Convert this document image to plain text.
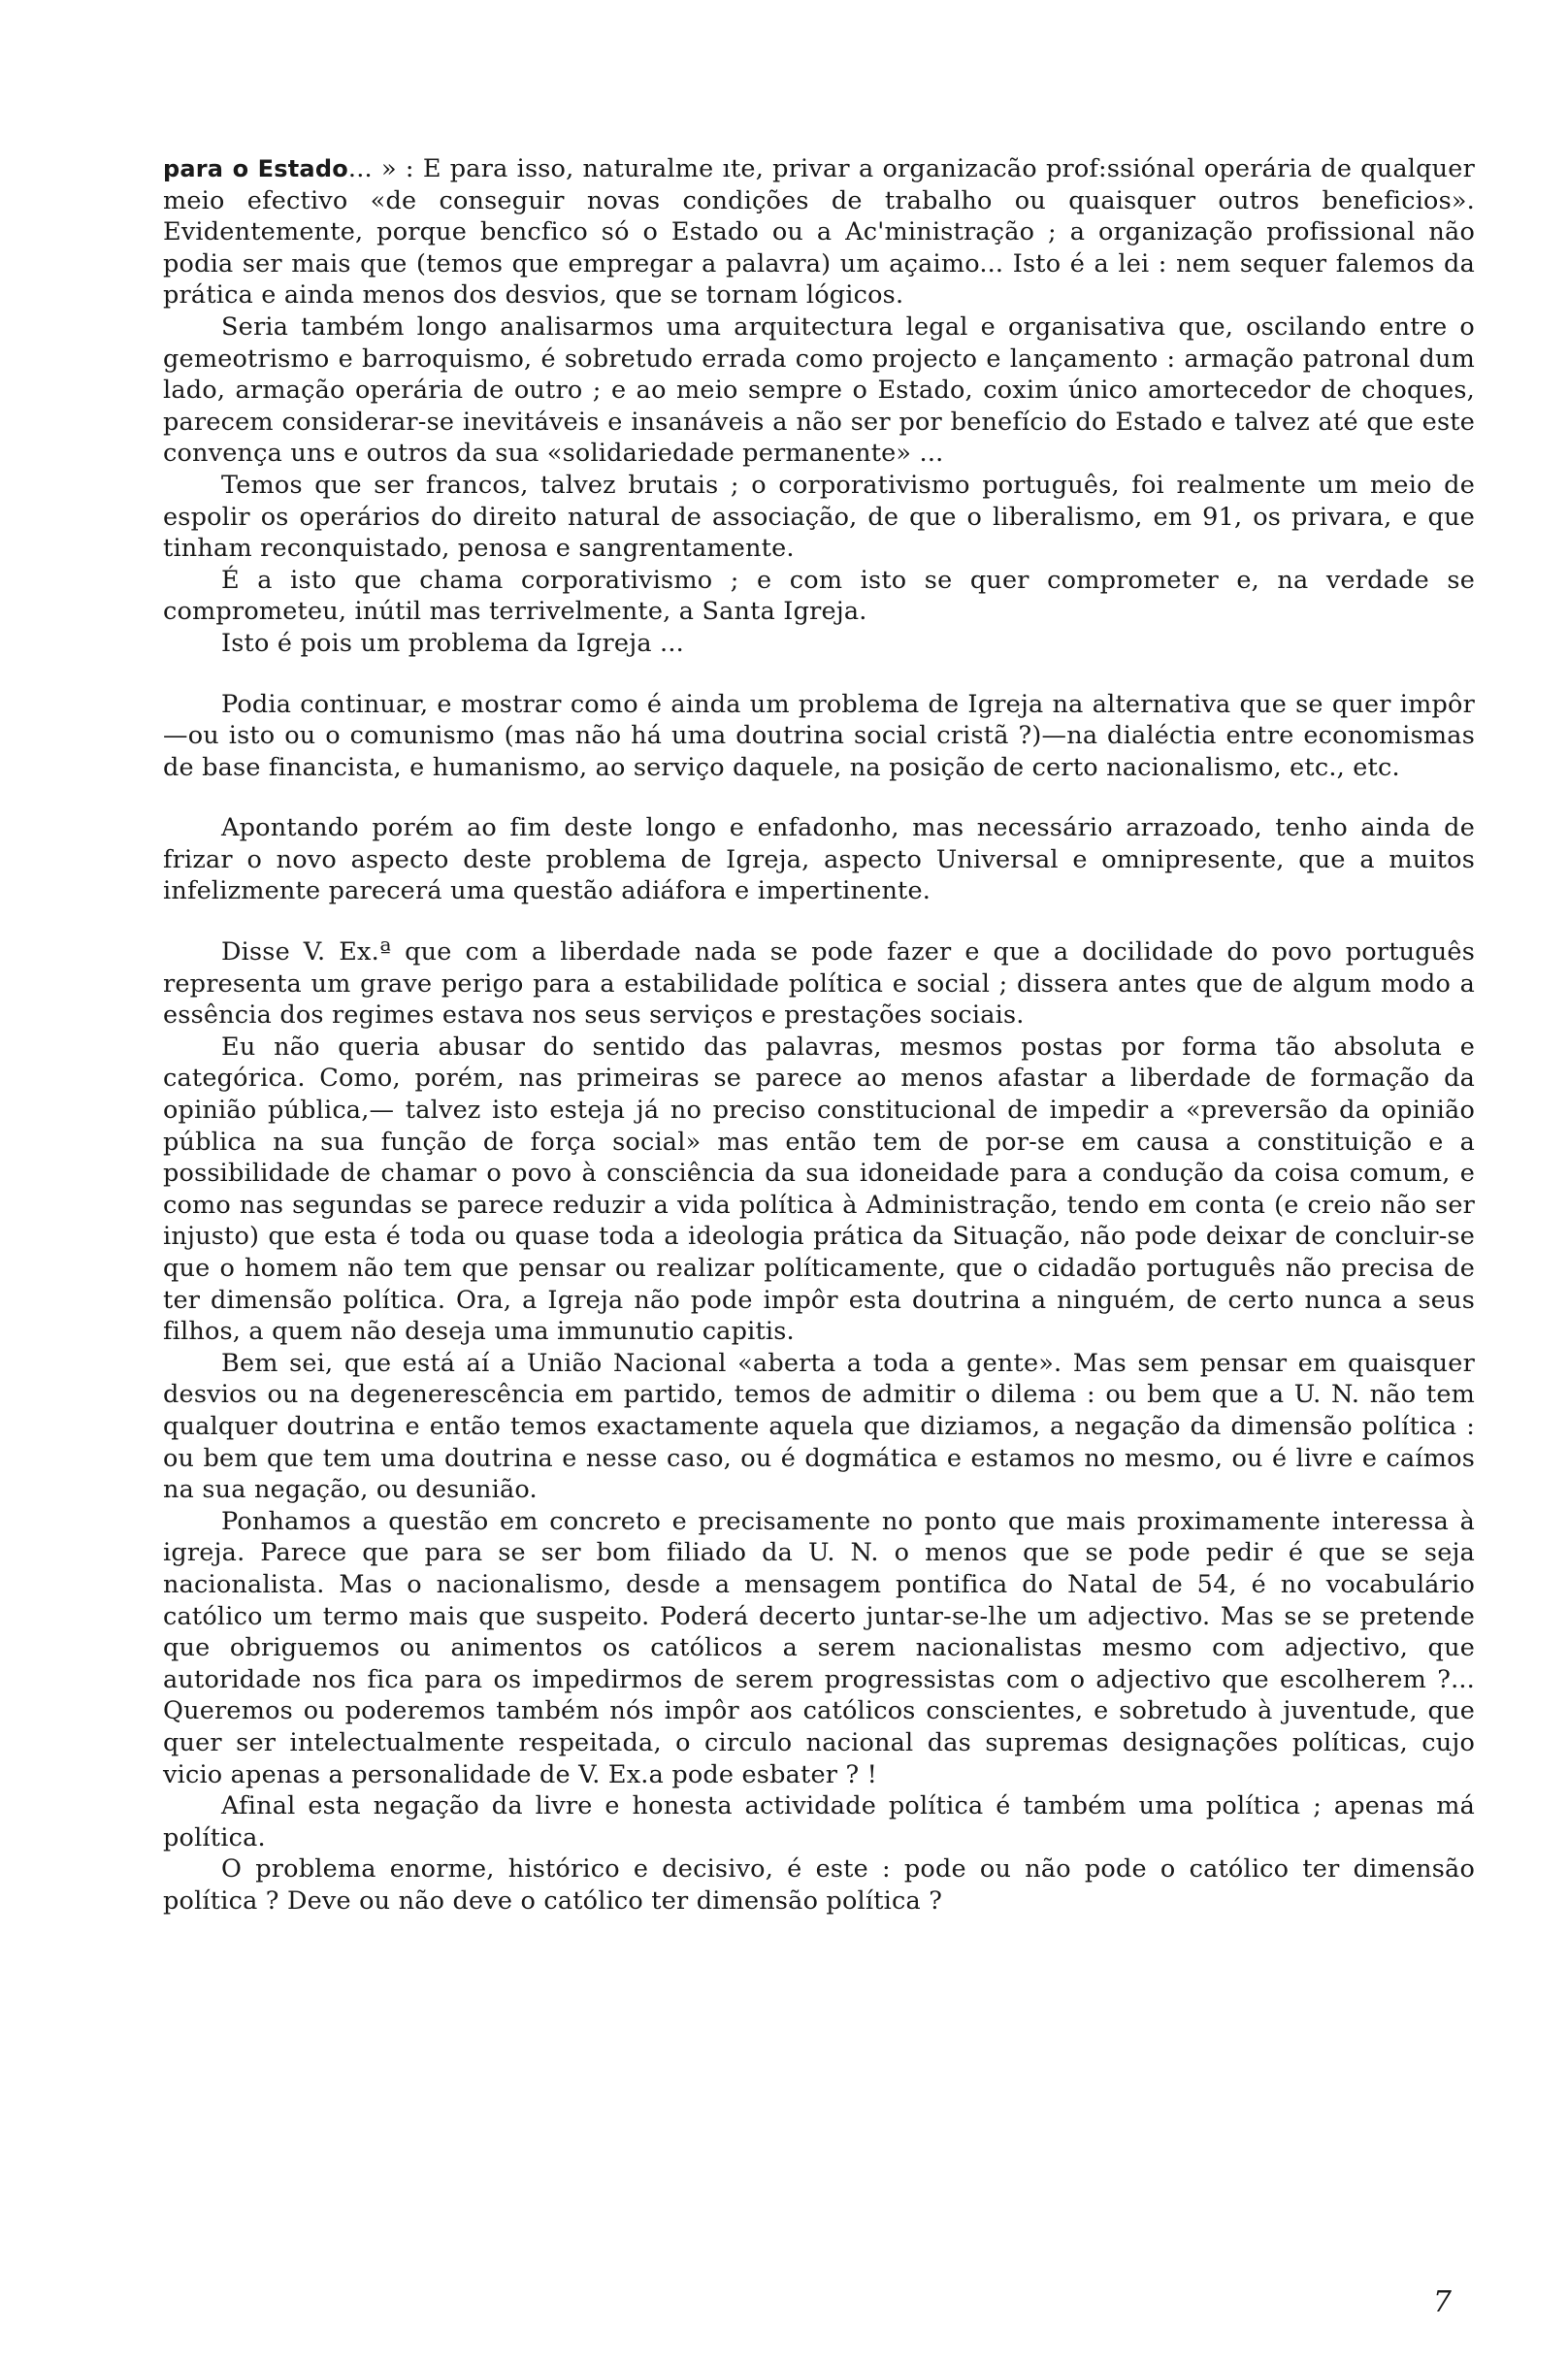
para o Estado... » : E para isso, naturalme ıte, privar a organizacão prof:ssiónal operária de qualquer meio efectivo «de conseguir novas condições de trabalho ou quaisquer outros beneficios». Evidentemente, porque bencfico só o Estado ou a Ac'ministração ; a organização profissional não podia ser mais que (temos que empregar a palavra) um açaimo... Isto é a lei : nem sequer falemos da prática e ainda menos dos desvios, que se tornam lógicos.

Seria também longo analisarmos uma arquitectura legal e organisativa que, oscilando entre o gemeotrismo e barroquismo, é sobretudo errada como projecto e lançamento : armação patronal dum lado, armação operária de outro ; e ao meio sempre o Estado, coxim único amortecedor de choques, parecem considerar-se inevitáveis e insanáveis a não ser por benefício do Estado e talvez até que este convença uns e outros da sua «solidariedade permanente» ...

Temos que ser francos, talvez brutais ; o corporativismo português, foi realmente um meio de espolir os operários do direito natural de associação, de que o liberalismo, em 91, os privara, e que tinham reconquistado, penosa e sangrentamente.

É a isto que chama corporativismo ; e com isto se quer comprometer e, na verdade se comprometeu, inútil mas terrivelmente, a Santa Igreja.

Isto é pois um problema da Igreja ...

Podia continuar, e mostrar como é ainda um problema de Igreja na alternativa que se quer impôr—ou isto ou o comunismo (mas não há uma doutrina social cristã ?)—na dialéctia entre economismas de base financista, e humanismo, ao serviço daquele, na posição de certo nacionalismo, etc., etc.

Apontando porém ao fim deste longo e enfadonho, mas necessário arrazoado, tenho ainda de frizar o novo aspecto deste problema de Igreja, aspecto Universal e omnipresente, que a muitos infelizmente parecerá uma questão adiáfora e impertinente.

Disse V. Ex.ª que com a liberdade nada se pode fazer e que a docilidade do povo português representa um grave perigo para a estabilidade política e social ; dissera antes que de algum modo a essência dos regimes estava nos seus serviços e prestações sociais.

Eu não queria abusar do sentido das palavras, mesmos postas por forma tão absoluta e categórica. Como, porém, nas primeiras se parece ao menos afastar a liberdade de formação da opinião pública,— talvez isto esteja já no preciso constitucional de impedir a «preversão da opinião pública na sua função de força social» mas então tem de por-se em causa a constituição e a possibilidade de chamar o povo à consciência da sua idoneidade para a condução da coisa comum, e como nas segundas se parece reduzir a vida política à Administração, tendo em conta (e creio não ser injusto) que esta é toda ou quase toda a ideologia prática da Situação, não pode deixar de concluir-se que o homem não tem que pensar ou realizar políticamente, que o cidadão português não precisa de ter dimensão política. Ora, a Igreja não pode impôr esta doutrina a ninguém, de certo nunca a seus filhos, a quem não deseja uma immunutio capitis.

Bem sei, que está aí a União Nacional «aberta a toda a gente». Mas sem pensar em quaisquer desvios ou na degenerescência em partido, temos de admitir o dilema : ou bem que a U. N. não tem qualquer doutrina e então temos exactamente aquela que diziamos, a negação da dimensão política : ou bem que tem uma doutrina e nesse caso, ou é dogmática e estamos no mesmo, ou é livre e caímos na sua negação, ou desunião.

Ponhamos a questão em concreto e precisamente no ponto que mais proximamente interessa à igreja. Parece que para se ser bom filiado da U. N. o menos que se pode pedir é que se seja nacionalista. Mas o nacionalismo, desde a mensagem pontifica do Natal de 54, é no vocabulário católico um termo mais que suspeito. Poderá decerto juntar-se-lhe um adjectivo. Mas se se pretende que obriguemos ou animentos os católicos a serem nacionalistas mesmo com adjectivo, que autoridade nos fica para os impedirmos de serem progressistas com o adjectivo que escolherem ?... Queremos ou poderemos também nós impôr aos católicos conscientes, e sobretudo à juventude, que quer ser intelectualmente respeitada, o circulo nacional das supremas designações políticas, cujo vicio apenas a personalidade de V. Ex.a pode esbater ? !

Afinal esta negação da livre e honesta actividade política é também uma política ; apenas má política.

O problema enorme, histórico e decisivo, é este : pode ou não pode o católico ter dimensão política ? Deve ou não deve o católico ter dimensão política ?

7
